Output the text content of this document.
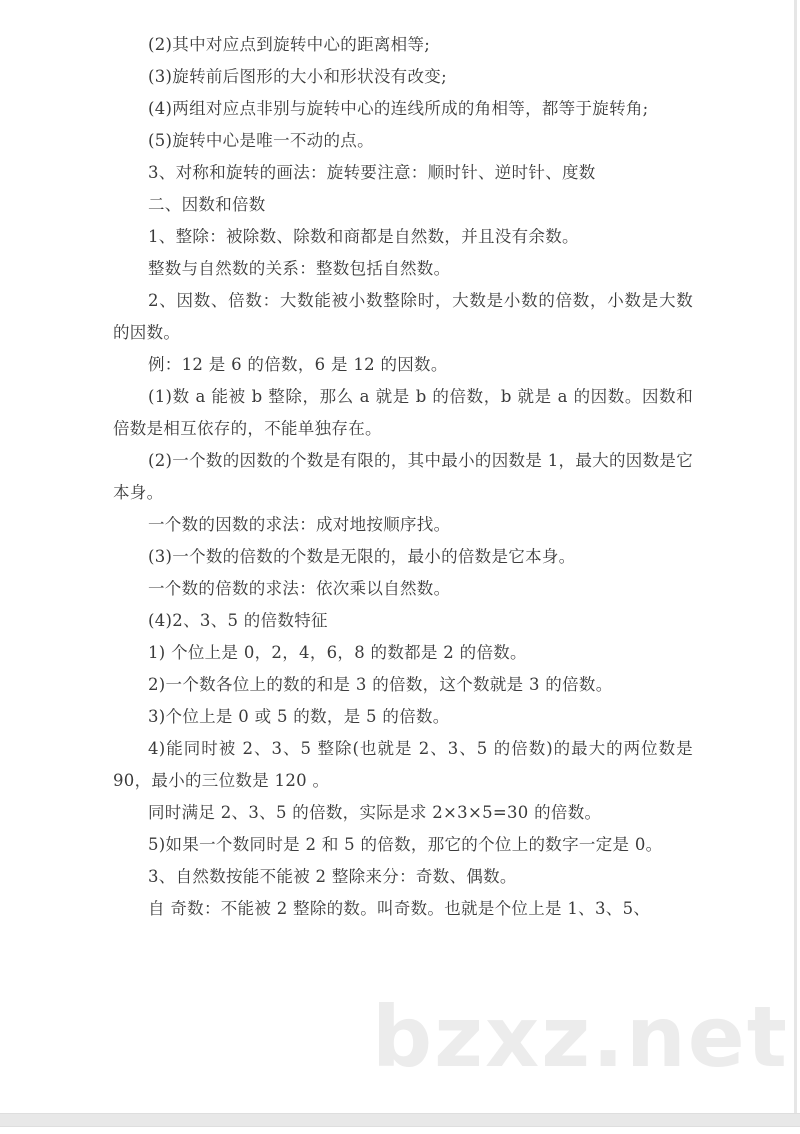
bzxz.net

(2)其中对应点到旋转中心的距离相等;

(3)旋转前后图形的大小和形状没有改变;

(4)两组对应点非别与旋转中心的连线所成的角相等，都等于旋转角;

(5)旋转中心是唯一不动的点。

3、对称和旋转的画法：旋转要注意：顺时针、逆时针、度数

二、因数和倍数

1、整除：被除数、除数和商都是自然数，并且没有余数。

整数与自然数的关系：整数包括自然数。

2、因数、倍数：大数能被小数整除时，大数是小数的倍数，小数是大数的因数。

例：12 是 6 的倍数，6 是 12 的因数。

(1)数 a 能被 b 整除，那么 a 就是 b 的倍数，b 就是 a 的因数。因数和倍数是相互依存的，不能单独存在。

(2)一个数的因数的个数是有限的，其中最小的因数是 1，最大的因数是它本身。

一个数的因数的求法：成对地按顺序找。

(3)一个数的倍数的个数是无限的，最小的倍数是它本身。

一个数的倍数的求法：依次乘以自然数。

(4)2、3、5 的倍数特征

1) 个位上是 0，2，4，6，8 的数都是 2 的倍数。

2)一个数各位上的数的和是 3 的倍数，这个数就是 3 的倍数。

3)个位上是 0 或 5 的数，是 5 的倍数。

4)能同时被 2、3、5 整除(也就是 2、3、5 的倍数)的最大的两位数是 90，最小的三位数是 120 。

同时满足 2、3、5 的倍数，实际是求 2×3×5=30 的倍数。

5)如果一个数同时是 2 和 5 的倍数，那它的个位上的数字一定是 0。

3、自然数按能不能被 2 整除来分：奇数、偶数。

自 奇数：不能被 2 整除的数。叫奇数。也就是个位上是 1、3、5、
